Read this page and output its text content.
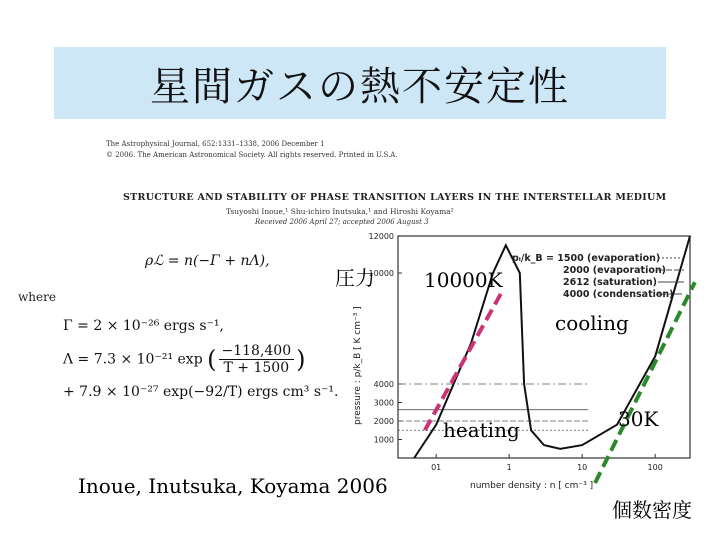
星間ガスの熱不安定性
The Astrophysical Journal, 652:1331–1338, 2006 December 1
© 2006. The American Astronomical Society. All rights reserved. Printed in U.S.A.
STRUCTURE AND STABILITY OF PHASE TRANSITION LAYERS IN THE INTERSTELLAR MEDIUM
Tsuyoshi Inoue,¹ Shu-ichiro Inutsuka,¹ and Hiroshi Koyama²
Received 2006 April 27; accepted 2006 August 3
ρℒ = n(−Γ + nΛ),
where
Γ = 2 × 10⁻²⁶ ergs s⁻¹,
Λ = 7.3 × 10⁻²¹ exp ( $\frac{-118,400}{T + 1500}$ )
+ 7.9 × 10⁻²⁷ exp(−92/T) ergs cm³ s⁻¹.
1000
2000
3000
4000
10000
12000
01	1	10	100
pressure : p/k_B [ K cm⁻³ ]
number density : n [ cm⁻³ ]
pᵢ/k_B = 1500 (evaporation)
2000 (evaporation)
2612 (saturation)
4000 (condensation)
圧力 10000K
cooling
heating	30K
Inoue, Inutsuka, Koyama 2006
個数密度
